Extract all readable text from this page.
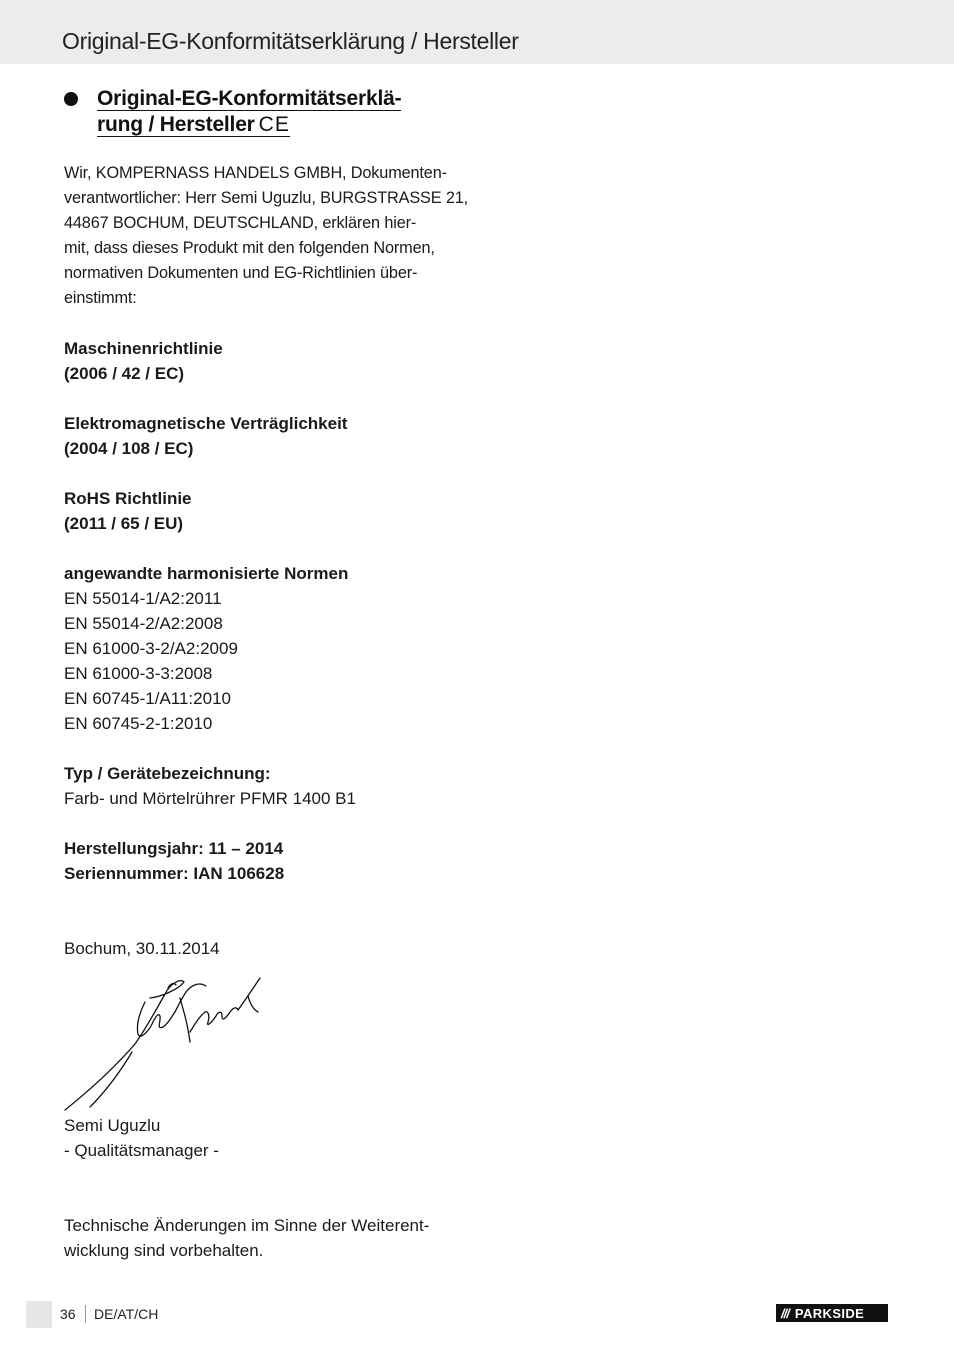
Original-EG-Konformitätserklärung / Hersteller
Original-EG-Konformitätserklä-
rung / Hersteller CE

Wir, KOMPERNASS HANDELS GMBH, Dokumenten-

verantwortlicher: Herr Semi Uguzlu, BURGSTRASSE 21,

44867 BOCHUM, DEUTSCHLAND, erklären hier-

mit, dass dieses Produkt mit den folgenden Normen,

normativen Dokumenten und EG-Richtlinien über-

einstimmt:

Maschinenrichtlinie

(2006 / 42 / EC)

Elektromagnetische Verträglichkeit

(2004 / 108 / EC)

RoHS Richtlinie

(2011 / 65 / EU)

angewandte harmonisierte Normen

EN 55014-1/A2:2011

EN 55014-2/A2:2008

EN 61000-3-2/A2:2009

EN 61000-3-3:2008

EN 60745-1/A11:2010

EN 60745-2-1:2010

Typ / Gerätebezeichnung:

Farb- und Mörtelrührer PFMR 1400 B1

Herstellungsjahr: 11 – 2014

Seriennummer: IAN 106628

Bochum, 30.11.2014

Semi Uguzlu
- Qualitätsmanager -
Technische Änderungen im Sinne der Weiterent-
wicklung sind vorbehalten.
36 DE/AT/CH	/// PARKSIDE
